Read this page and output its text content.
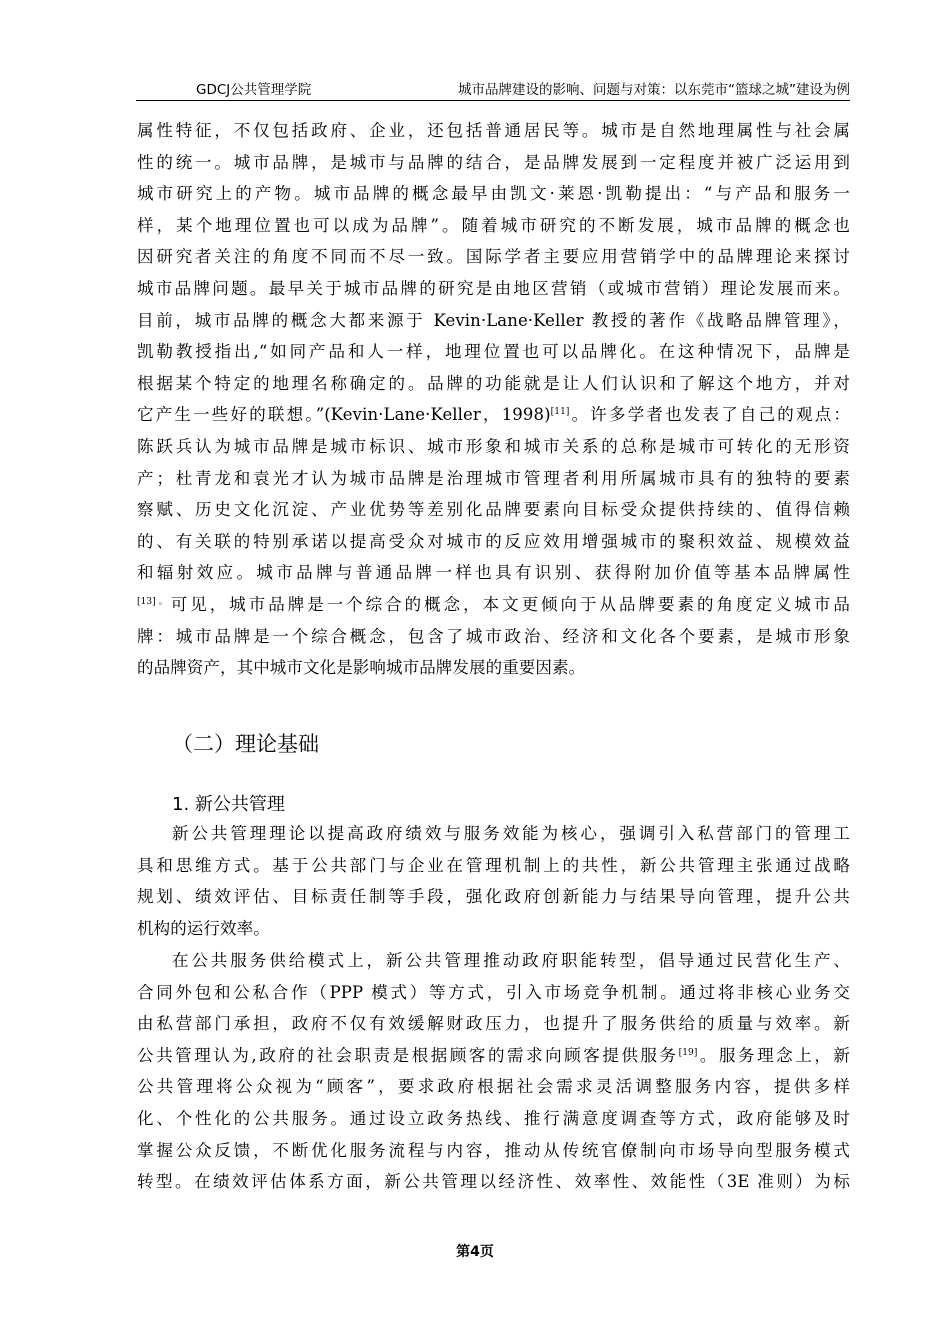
GDCJ公共管理学院	城市品牌建设的影响、问题与对策：以东莞市“篮球之城”建设为例
属性特征，不仅包括政府、企业，还包括普通居民等。城市是自然地理属性与社会属
性的统一。城市品牌，是城市与品牌的结合，是品牌发展到一定程度并被广泛运用到
城市研究上的产物。城市品牌的概念最早由凯文·莱恩·凯勒提出：“与产品和服务一
样，某个地理位置也可以成为品牌”。随着城市研究的不断发展，城市品牌的概念也
因研究者关注的角度不同而不尽一致。国际学者主要应用营销学中的品牌理论来探讨
城市品牌问题。最早关于城市品牌的研究是由地区营销（或城市营销）理论发展而来。
目前，城市品牌的概念大都来源于 Kevin·Lane·Keller 教授的著作《战略品牌管理》，
凯勒教授指出,“如同产品和人一样，地理位置也可以品牌化。在这种情况下，品牌是
根据某个特定的地理名称确定的。品牌的功能就是让人们认识和了解这个地方，并对
它产生一些好的联想。”(Kevin·Lane·Keller，1998)[11]。许多学者也发表了自己的观点：
陈跃兵认为城市品牌是城市标识、城市形象和城市关系的总称是城市可转化的无形资
产；杜青龙和袁光才认为城市品牌是治理城市管理者利用所属城市具有的独特的要素
察赋、历史文化沉淀、产业优势等差别化品牌要素向目标受众提供持续的、值得信赖
的、有关联的特别承诺以提高受众对城市的反应效用增强城市的聚积效益、规模效益
和辐射效应。城市品牌与普通品牌一样也具有识别、获得附加价值等基本品牌属性
$^{[13]。}$可见，城市品牌是一个综合的概念，本文更倾向于从品牌要素的角度定义城市品
牌：城市品牌是一个综合概念，包含了城市政治、经济和文化各个要素，是城市形象
的品牌资产，其中城市文化是影响城市品牌发展的重要因素。
（二）理论基础
1. 新公共管理
新公共管理理论以提高政府绩效与服务效能为核心，强调引入私营部门的管理工
具和思维方式。基于公共部门与企业在管理机制上的共性，新公共管理主张通过战略
规划、绩效评估、目标责任制等手段，强化政府创新能力与结果导向管理，提升公共
机构的运行效率。
在公共服务供给模式上，新公共管理推动政府职能转型，倡导通过民营化生产、
合同外包和公私合作（PPP 模式）等方式，引入市场竞争机制。通过将非核心业务交
由私营部门承担，政府不仅有效缓解财政压力，也提升了服务供给的质量与效率。新
公共管理认为,政府的社会职责是根据顾客的需求向顾客提供服务[19]。服务理念上，新
公共管理将公众视为“顾客”，要求政府根据社会需求灵活调整服务内容，提供多样
化、个性化的公共服务。通过设立政务热线、推行满意度调查等方式，政府能够及时
掌握公众反馈，不断优化服务流程与内容，推动从传统官僚制向市场导向型服务模式
转型。在绩效评估体系方面，新公共管理以经济性、效率性、效能性（3E 准则）为标
第4页
